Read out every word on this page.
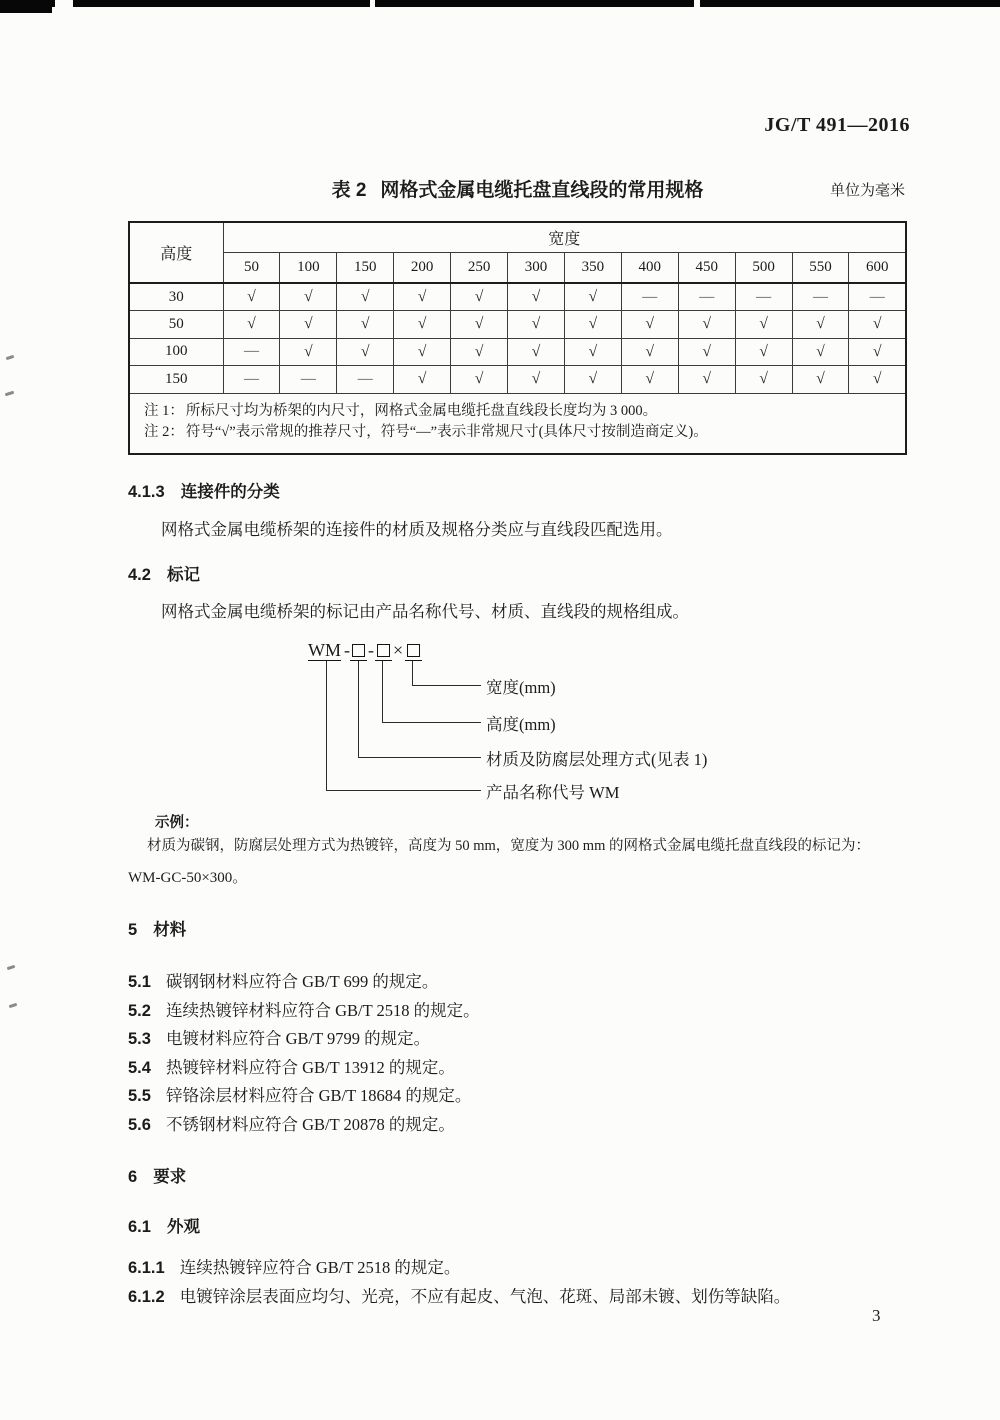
JG/T 491—2016
表 2 网格式金属电缆托盘直线段的常用规格	单位为毫米
高度	宽度											
	50	100	150	200	250	300	350	400	450	500	550	600
30	√	√	√	√	√	√	√	—	—	—	—	—
50	√	√	√	√	√	√	√	√	√	√	√	√
100	—	√	√	√	√	√	√	√	√	√	√	√
150	—	—	—	√	√	√	√	√	√	√	√	√

注 1： 所标尺寸均为桥架的内尺寸，网格式金属电缆托盘直线段长度均为 3 000。
注 2： 符号“√”表示常规的推荐尺寸，符号“—”表示非常规尺寸(具体尺寸按制造商定义)。												
4.1.3 连接件的分类
网格式金属电缆桥架的连接件的材质及规格分类应与直线段匹配选用。
4.2 标记
网格式金属电缆桥架的标记由产品名称代号、材质、直线段的规格组成。
WM - - ×
宽度(mm)
高度(mm)
材质及防腐层处理方式(见表 1)
产品名称代号 WM
示例：
材质为碳钢，防腐层处理方式为热镀锌，高度为 50 mm，宽度为 300 mm 的网格式金属电缆托盘直线段的标记为：
WM-GC-50×300。
5 材料
5.1 碳钢钢材料应符合 GB/T 699 的规定。
5.2 连续热镀锌材料应符合 GB/T 2518 的规定。
5.3 电镀材料应符合 GB/T 9799 的规定。
5.4 热镀锌材料应符合 GB/T 13912 的规定。
5.5 锌铬涂层材料应符合 GB/T 18684 的规定。
5.6 不锈钢材料应符合 GB/T 20878 的规定。
6 要求
6.1 外观
6.1.1 连续热镀锌应符合 GB/T 2518 的规定。
6.1.2 电镀锌涂层表面应均匀、光亮，不应有起皮、气泡、花斑、局部未镀、划伤等缺陷。
3
